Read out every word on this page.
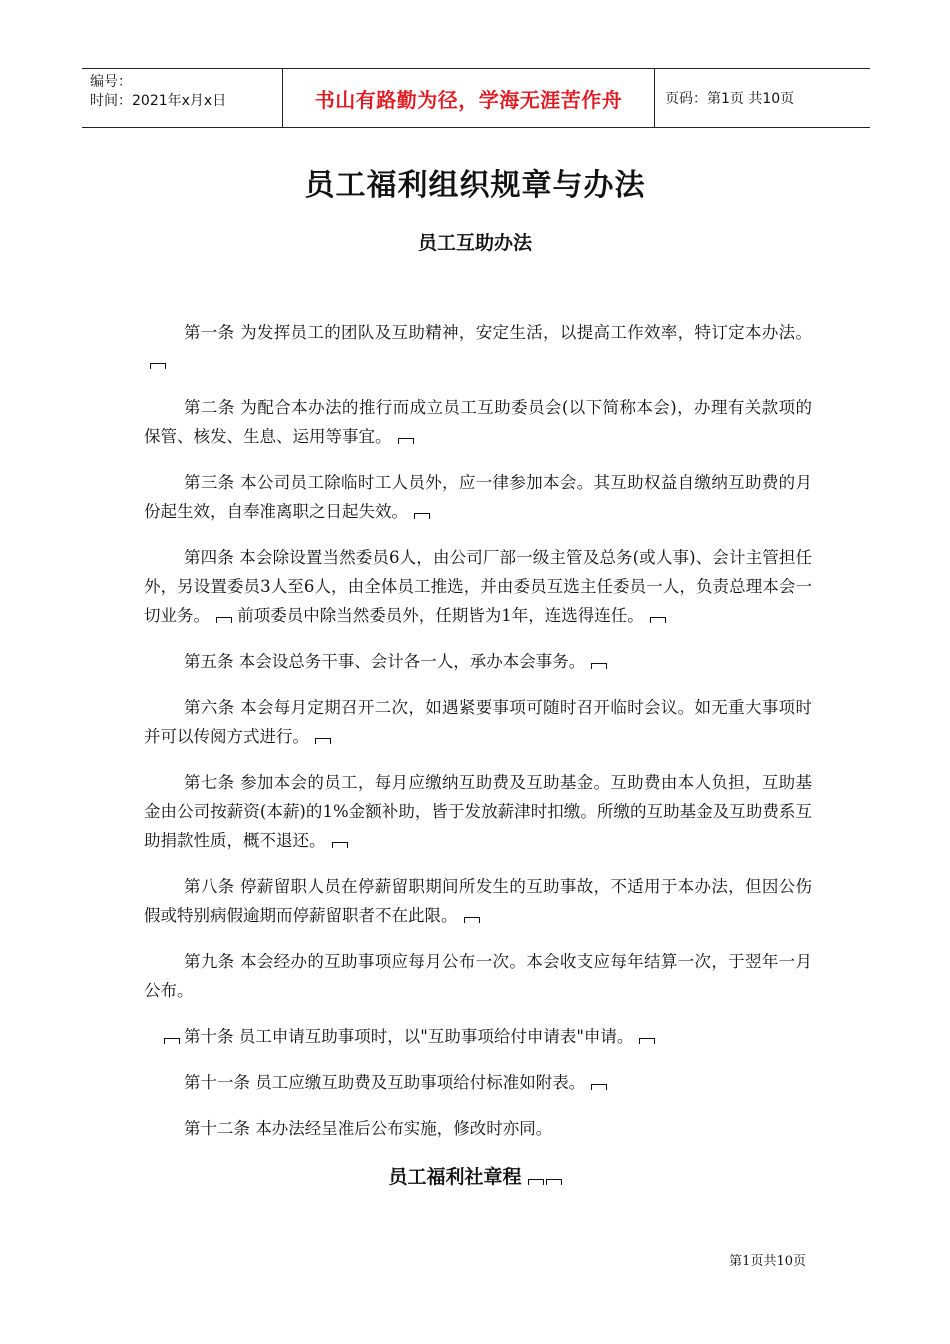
编号：
时间：2021年x月x日	书山有路勤为径，学海无涯苦作舟	页码：第1页 共10页
员工福利组织规章与办法
员工互助办法

第一条 为发挥员工的团队及互助精神，安定生活，以提高工作效率，特订定本办法。

第二条 为配合本办法的推行而成立员工互助委员会(以下简称本会)，办理有关款项的保管、核发、生息、运用等事宜。

第三条 本公司员工除临时工人员外，应一律参加本会。其互助权益自缴纳互助费的月份起生效，自奉准离职之日起失效。

第四条 本会除设置当然委员6人，由公司厂部一级主管及总务(或人事)、会计主管担任外，另设置委员3人至6人，由全体员工推选，并由委员互选主任委员一人，负责总理本会一切业务。 前项委员中除当然委员外，任期皆为1年，连选得连任。

第五条 本会设总务干事、会计各一人，承办本会事务。

第六条 本会每月定期召开二次，如遇紧要事项可随时召开临时会议。如无重大事项时并可以传阅方式进行。

第七条 参加本会的员工，每月应缴纳互助费及互助基金。互助费由本人负担，互助基金由公司按薪资(本薪)的1%金额补助，皆于发放薪津时扣缴。所缴的互助基金及互助费系互助捐款性质，概不退还。

第八条 停薪留职人员在停薪留职期间所发生的互助事故，不适用于本办法，但因公伤假或特别病假逾期而停薪留职者不在此限。

第九条 本会经办的互助事项应每月公布一次。本会收支应每年结算一次，于翌年一月公布。

第十条 员工申请互助事项时，以"互助事项给付申请表"申请。

第十一条 员工应缴互助费及互助事项给付标准如附表。

第十二条 本办法经呈准后公布实施，修改时亦同。

员工福利社章程
第1页共10页
